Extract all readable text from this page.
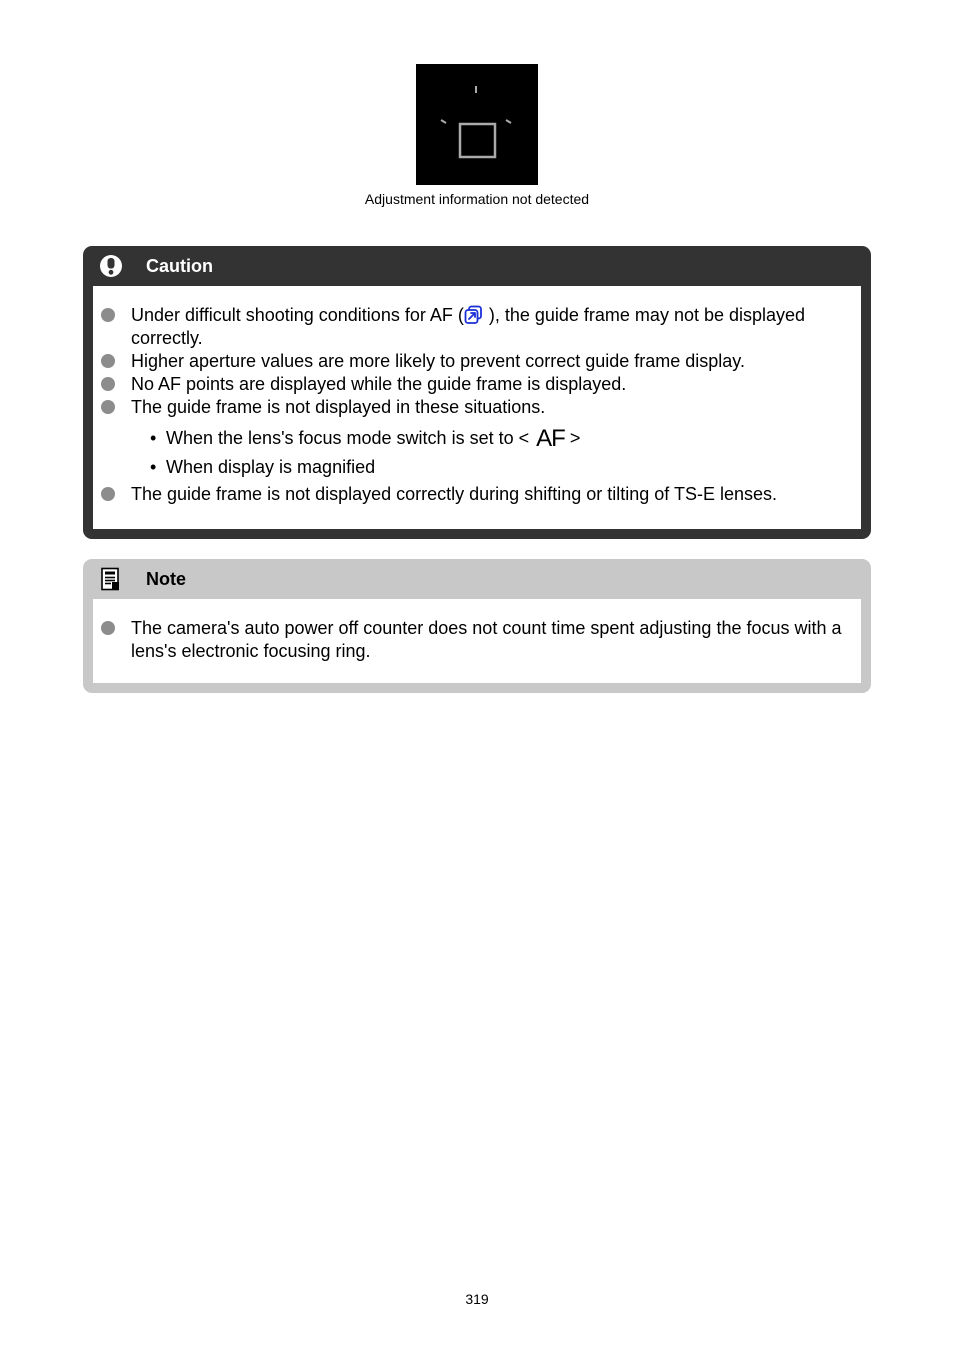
Adjustment information not detected
Caution
Under difficult shooting conditions for AF ( ), the guide frame may not be displayed correctly.
Higher aperture values are more likely to prevent correct guide frame display.
No AF points are displayed while the guide frame is displayed.
The guide frame is not displayed in these situations.
• When the lens's focus mode switch is set to < AF >
• When display is magnified
The guide frame is not displayed correctly during shifting or tilting of TS-E lenses.
Note
The camera's auto power off counter does not count time spent adjusting the focus with a lens's electronic focusing ring.
319
